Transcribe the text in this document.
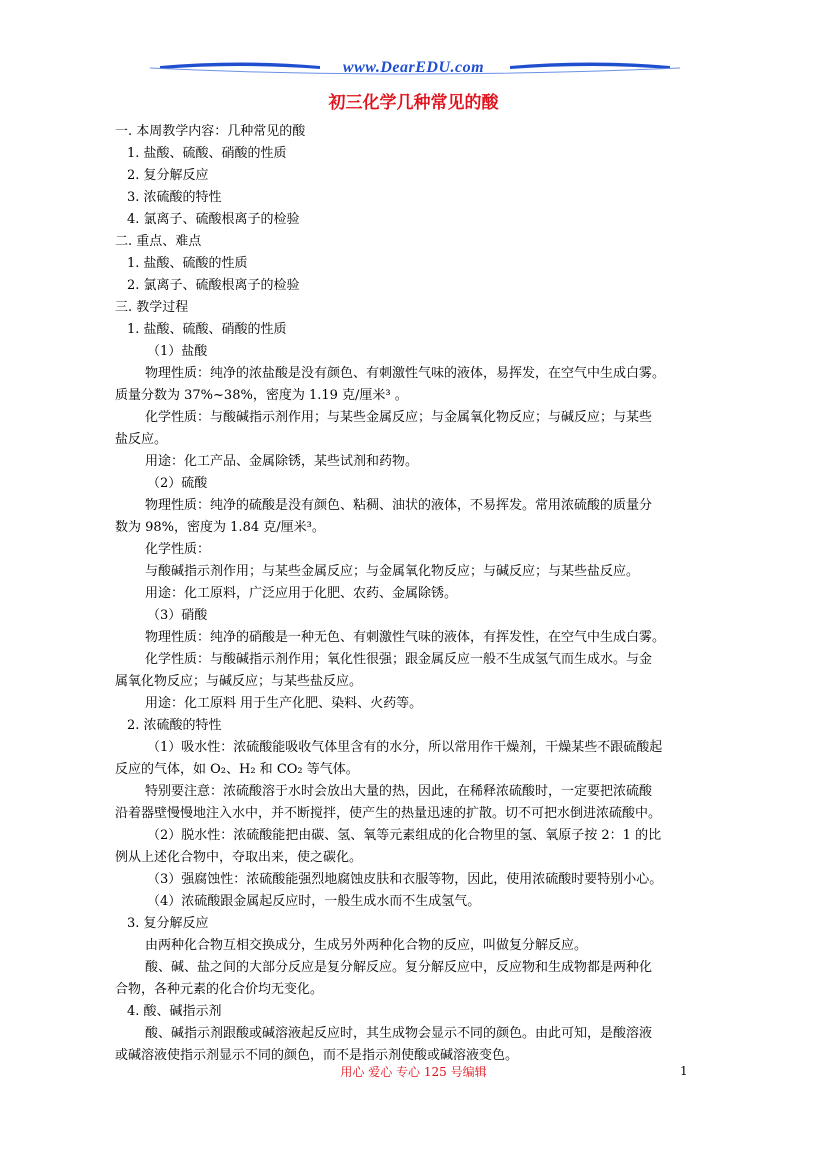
www.DearEDU.com
初三化学几种常见的酸
一. 本周教学内容：几种常见的酸
1. 盐酸、硫酸、硝酸的性质
2. 复分解反应
3. 浓硫酸的特性
4. 氯离子、硫酸根离子的检验
二. 重点、难点
1. 盐酸、硫酸的性质
2. 氯离子、硫酸根离子的检验
三. 教学过程
1. 盐酸、硫酸、硝酸的性质
（1）盐酸
物理性质：纯净的浓盐酸是没有颜色、有刺激性气味的液体，易挥发，在空气中生成白雾。
质量分数为 37%~38%，密度为 1.19 克/厘米³ 。
化学性质：与酸碱指示剂作用；与某些金属反应；与金属氧化物反应；与碱反应；与某些
盐反应。
用途：化工产品、金属除锈，某些试剂和药物。
（2）硫酸
物理性质：纯净的硫酸是没有颜色、粘稠、油状的液体，不易挥发。常用浓硫酸的质量分
数为 98%，密度为 1.84 克/厘米³。
化学性质：
与酸碱指示剂作用；与某些金属反应；与金属氧化物反应；与碱反应；与某些盐反应。
用途：化工原料，广泛应用于化肥、农药、金属除锈。
（3）硝酸
物理性质：纯净的硝酸是一种无色、有刺激性气味的液体，有挥发性，在空气中生成白雾。
化学性质：与酸碱指示剂作用；氧化性很强；跟金属反应一般不生成氢气而生成水。与金
属氧化物反应；与碱反应；与某些盐反应。
用途：化工原料 用于生产化肥、染料、火药等。
2. 浓硫酸的特性
（1）吸水性：浓硫酸能吸收气体里含有的水分，所以常用作干燥剂，干燥某些不跟硫酸起
反应的气体，如 O₂、H₂ 和 CO₂ 等气体。
特别要注意：浓硫酸溶于水时会放出大量的热，因此，在稀释浓硫酸时，一定要把浓硫酸
沿着器壁慢慢地注入水中，并不断搅拌，使产生的热量迅速的扩散。切不可把水倒进浓硫酸中。
（2）脱水性：浓硫酸能把由碳、氢、氧等元素组成的化合物里的氢、氧原子按 2：1 的比
例从上述化合物中，夺取出来，使之碳化。
（3）强腐蚀性：浓硫酸能强烈地腐蚀皮肤和衣服等物，因此，使用浓硫酸时要特别小心。
（4）浓硫酸跟金属起反应时，一般生成水而不生成氢气。
3. 复分解反应
由两种化合物互相交换成分，生成另外两种化合物的反应，叫做复分解反应。
酸、碱、盐之间的大部分反应是复分解反应。复分解反应中，反应物和生成物都是两种化
合物，各种元素的化合价均无变化。
4. 酸、碱指示剂
酸、碱指示剂跟酸或碱溶液起反应时，其生成物会显示不同的颜色。由此可知，是酸溶液
或碱溶液使指示剂显示不同的颜色，而不是指示剂使酸或碱溶液变色。
用心 爱心 专心 125 号编辑	1
